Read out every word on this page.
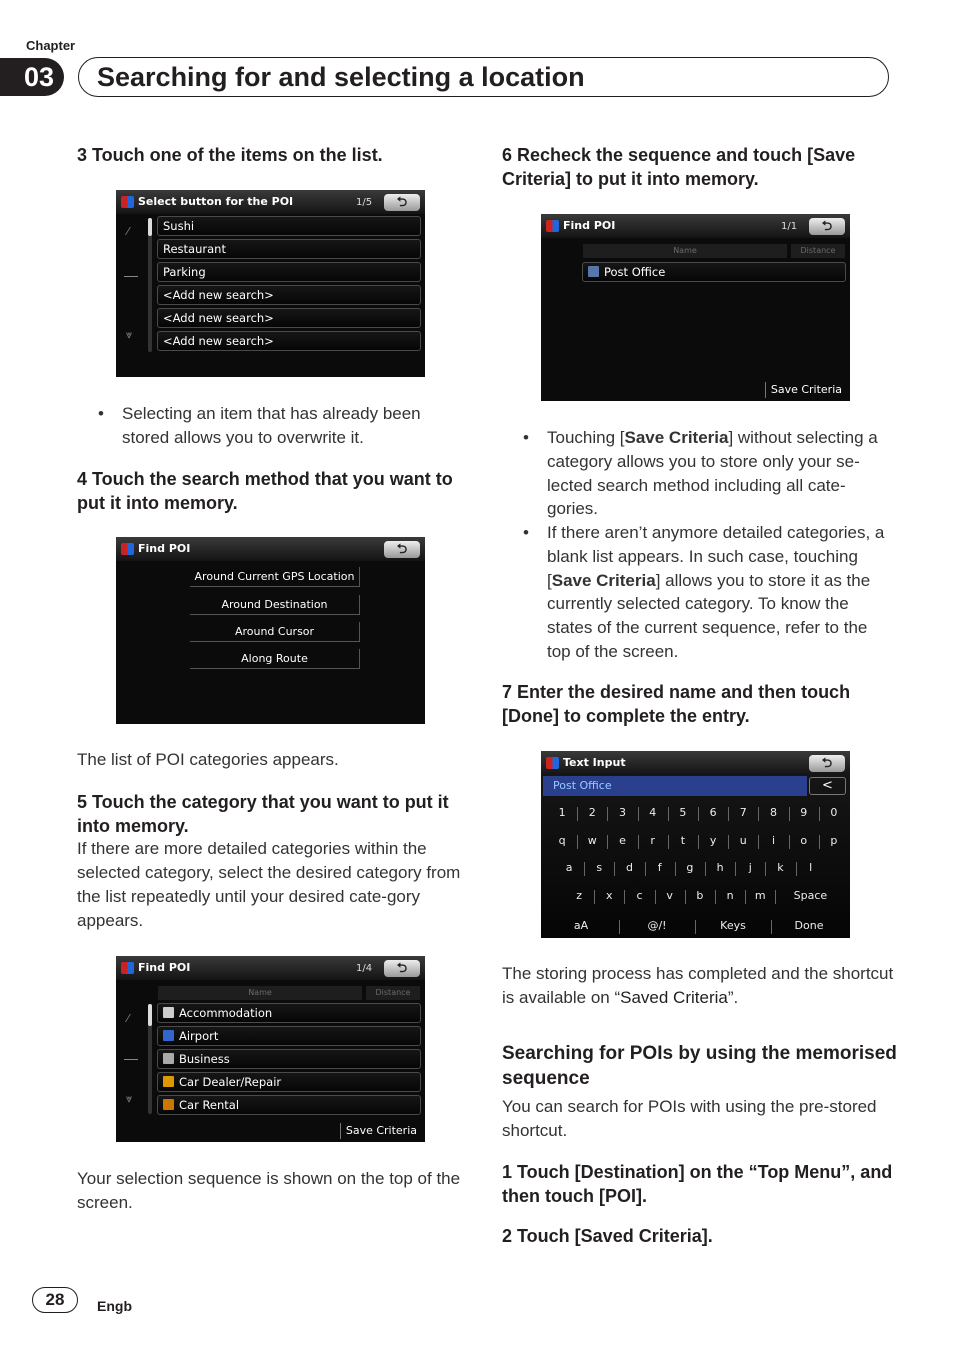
Chapter
03	Searching for and selecting a location
3 Touch one of the items on the list.
Select button for the POI	1/5	⮌
⁄
⩔
Sushi
Restaurant
Parking
<Add new search>
<Add new search>
<Add new search>
• Selecting an item that has already been stored allows you to overwrite it.
4 Touch the search method that you want to put it into memory.
Find POI	⮌
Around Current GPS Location
Around Destination
Around Cursor
Along Route
The list of POI categories appears.
5 Touch the category that you want to put it into memory.
If there are more detailed categories within the selected category, select the desired category from the list repeatedly until your desired cate-gory appears.
Find POI	1/4	⮌
Name	Distance
⁄
⩔
Accommodation
Airport
Business
Car Dealer/Repair
Car Rental
Save Criteria
Your selection sequence is shown on the top of the screen.
6 Recheck the sequence and touch [Save Criteria] to put it into memory.
Find POI	1/1	⮌
Name	Distance
Post Office
Save Criteria
• Touching [Save Criteria] without selecting a category allows you to store only your se-lected search method including all cate-gories.
• If there aren’t anymore detailed categories, a blank list appears. In such case, touching [Save Criteria] allows you to store it as the currently selected category. To know the states of the current sequence, refer to the top of the screen.
7 Enter the desired name and then touch [Done] to complete the entry.
Text Input	⮌
Post Office	<
1	2	3	4	5	6	7	8	9	0
q	w	e	r	t	y	u	i	o	p
a	s	d	f	g	h	j	k	l
z	x	c	v	b	n	m	Space
aA	@/!	Keys	Done
The storing process has completed and the shortcut is available on “Saved Criteria”.
Searching for POIs by using the memorised sequence
You can search for POIs with using the pre-stored shortcut.
1 Touch [Destination] on the “Top Menu”, and then touch [POI].
2 Touch [Saved Criteria].
28	Engb
